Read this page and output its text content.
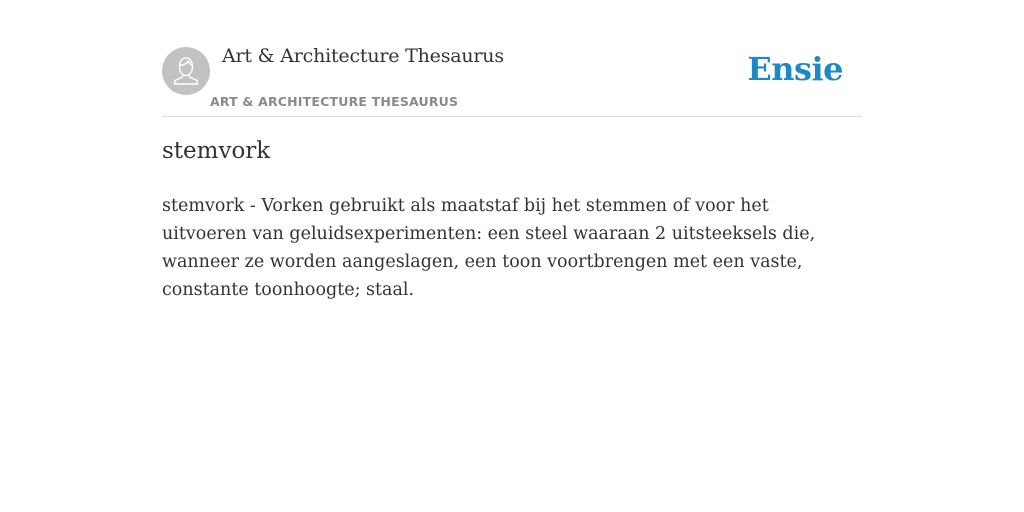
Art & Architecture Thesaurus
ART & ARCHITECTURE THESAURUS
Ensie
stemvork

stemvork - Vorken gebruikt als maatstaf bij het stemmen of voor het uitvoeren van geluidsexperimenten: een steel waaraan 2 uitsteeksels die, wanneer ze worden aangeslagen, een toon voortbrengen met een vaste, constante toonhoogte; staal.
